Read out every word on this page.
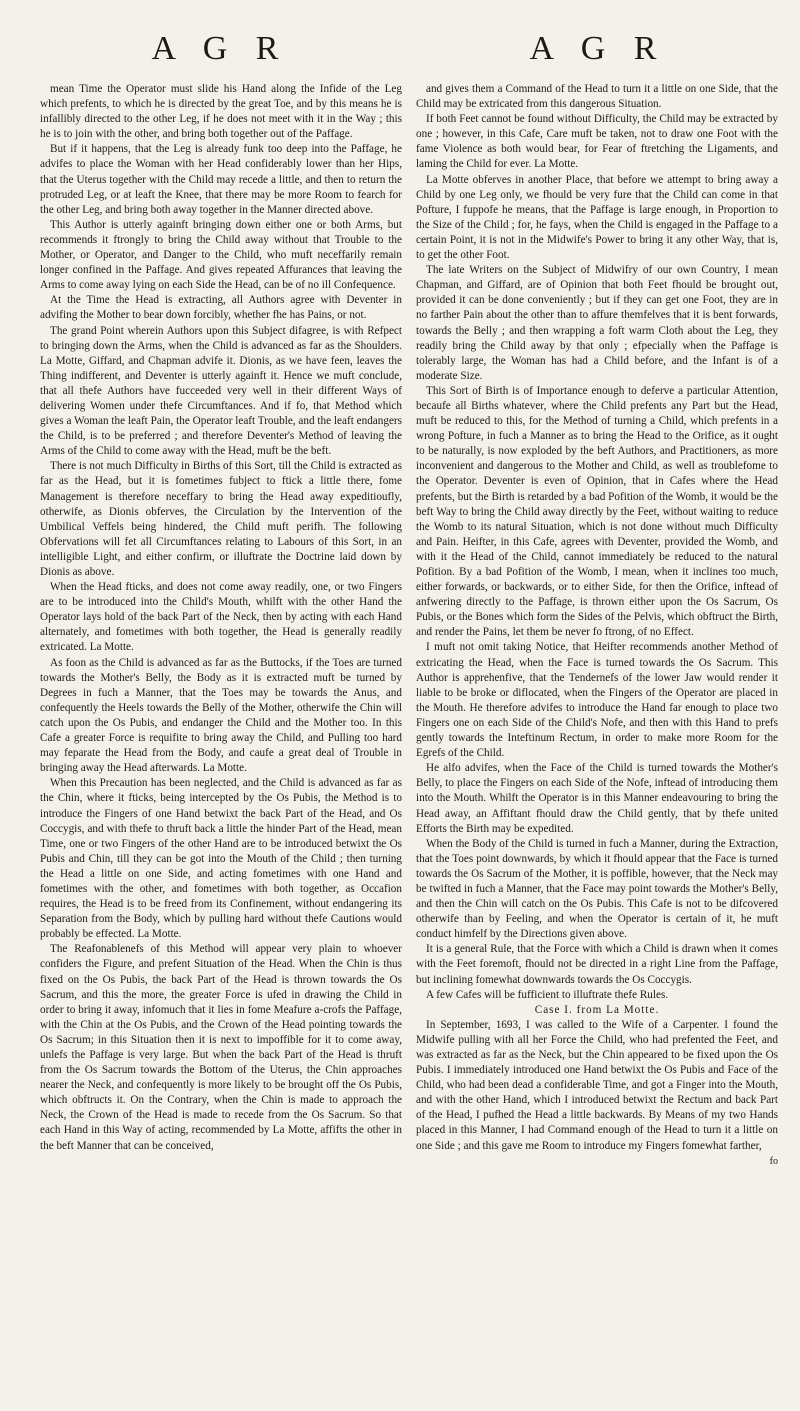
A G R	A G R

mean Time the Operator must slide his Hand along the Infide of the Leg which prefents, to which he is directed by the great Toe, and by this means he is infallibly directed to the other Leg, if he does not meet with it in the Way ; this he is to join with the other, and bring both together out of the Paffage.

But if it happens, that the Leg is already funk too deep into the Paffage, he advifes to place the Woman with her Head confiderably lower than her Hips, that the Uterus together with the Child may recede a little, and then to return the protruded Leg, or at leaft the Knee, that there may be more Room to fearch for the other Leg, and bring both away together in the Manner directed above.

This Author is utterly againft bringing down either one or both Arms, but recommends it ftrongly to bring the Child away without that Trouble to the Mother, or Operator, and Danger to the Child, who muft neceffarily remain longer confined in the Paffage. And gives repeated Affurances that leaving the Arms to come away lying on each Side the Head, can be of no ill Confequence.

At the Time the Head is extracting, all Authors agree with Deventer in advifing the Mother to bear down forcibly, whether fhe has Pains, or not.

The grand Point wherein Authors upon this Subject difagree, is with Refpect to bringing down the Arms, when the Child is advanced as far as the Shoulders. La Motte, Giffard, and Chapman advife it. Dionis, as we have feen, leaves the Thing indifferent, and Deventer is utterly againft it. Hence we muft conclude, that all thefe Authors have fucceeded very well in their different Ways of delivering Women under thefe Circumftances. And if fo, that Method which gives a Woman the leaft Pain, the Operator leaft Trouble, and the leaft endangers the Child, is to be preferred ; and therefore Deventer's Method of leaving the Arms of the Child to come away with the Head, muft be the beft.

There is not much Difficulty in Births of this Sort, till the Child is extracted as far as the Head, but it is fometimes fubject to ftick a little there, fome Management is therefore neceffary to bring the Head away expeditioufly, otherwife, as Dionis obferves, the Circulation by the Intervention of the Umbilical Veffels being hindered, the Child muft perifh. The following Obfervations will fet all Circumftances relating to Labours of this Sort, in an intelligible Light, and either confirm, or illuftrate the Doctrine laid down by Dionis as above.

When the Head fticks, and does not come away readily, one, or two Fingers are to be introduced into the Child's Mouth, whilft with the other Hand the Operator lays hold of the back Part of the Neck, then by acting with each Hand alternately, and fometimes with both together, the Head is generally readily extricated. La Motte.

As foon as the Child is advanced as far as the Buttocks, if the Toes are turned towards the Mother's Belly, the Body as it is extracted muft be turned by Degrees in fuch a Manner, that the Toes may be towards the Anus, and confequently the Heels towards the Belly of the Mother, otherwife the Chin will catch upon the Os Pubis, and endanger the Child and the Mother too. In this Cafe a greater Force is requifite to bring away the Child, and Pulling too hard may feparate the Head from the Body, and caufe a great deal of Trouble in bringing away the Head afterwards. La Motte.

When this Precaution has been neglected, and the Child is advanced as far as the Chin, where it fticks, being intercepted by the Os Pubis, the Method is to introduce the Fingers of one Hand betwixt the back Part of the Head, and Os Coccygis, and with thefe to thruft back a little the hinder Part of the Head, mean Time, one or two Fingers of the other Hand are to be introduced betwixt the Os Pubis and Chin, till they can be got into the Mouth of the Child ; then turning the Head a little on one Side, and acting fometimes with one Hand and fometimes with the other, and fometimes with both together, as Occafion requires, the Head is to be freed from its Confinement, without endangering its Separation from the Body, which by pulling hard without thefe Cautions would probably be effected. La Motte.

The Reafonablenefs of this Method will appear very plain to whoever confiders the Figure, and prefent Situation of the Head. When the Chin is thus fixed on the Os Pubis, the back Part of the Head is thrown towards the Os Sacrum, and this the more, the greater Force is ufed in drawing the Child in order to bring it away, infomuch that it lies in fome Meafure a-crofs the Paffage, with the Chin at the Os Pubis, and the Crown of the Head pointing towards the Os Sacrum; in this Situation then it is next to impoffible for it to come away, unlefs the Paffage is very large. But when the back Part of the Head is thruft from the Os Sacrum towards the Bottom of the Uterus, the Chin approaches nearer the Neck, and confequently is more likely to be brought off the Os Pubis, which obftructs it. On the Contrary, when the Chin is made to approach the Neck, the Crown of the Head is made to recede from the Os Sacrum. So that each Hand in this Way of acting, recommended by La Motte, affifts the other in the beft Manner that can be conceived,

and gives them a Command of the Head to turn it a little on one Side, that the Child may be extricated from this dangerous Situation.

If both Feet cannot be found without Difficulty, the Child may be extracted by one ; however, in this Cafe, Care muft be taken, not to draw one Foot with the fame Violence as both would bear, for Fear of ftretching the Ligaments, and laming the Child for ever. La Motte.

La Motte obferves in another Place, that before we attempt to bring away a Child by one Leg only, we fhould be very fure that the Child can come in that Pofture, I fuppofe he means, that the Paffage is large enough, in Proportion to the Size of the Child ; for, he fays, when the Child is engaged in the Paffage to a certain Point, it is not in the Midwife's Power to bring it any other Way, that is, to get the other Foot.

The late Writers on the Subject of Midwifry of our own Country, I mean Chapman, and Giffard, are of Opinion that both Feet fhould be brought out, provided it can be done conveniently ; but if they can get one Foot, they are in no farther Pain about the other than to affure themfelves that it is bent forwards, towards the Belly ; and then wrapping a foft warm Cloth about the Leg, they readily bring the Child away by that only ; efpecially when the Paffage is tolerably large, the Woman has had a Child before, and the Infant is of a moderate Size.

This Sort of Birth is of Importance enough to deferve a particular Attention, becaufe all Births whatever, where the Child prefents any Part but the Head, muft be reduced to this, for the Method of turning a Child, which prefents in a wrong Pofture, in fuch a Manner as to bring the Head to the Orifice, as it ought to be naturally, is now exploded by the beft Authors, and Practitioners, as more inconvenient and dangerous to the Mother and Child, as well as troublefome to the Operator. Deventer is even of Opinion, that in Cafes where the Head prefents, but the Birth is retarded by a bad Pofition of the Womb, it would be the beft Way to bring the Child away directly by the Feet, without waiting to reduce the Womb to its natural Situation, which is not done without much Difficulty and Pain. Heifter, in this Cafe, agrees with Deventer, provided the Womb, and with it the Head of the Child, cannot immediately be reduced to the natural Pofition. By a bad Pofition of the Womb, I mean, when it inclines too much, either forwards, or backwards, or to either Side, for then the Orifice, inftead of anfwering directly to the Paffage, is thrown either upon the Os Sacrum, Os Pubis, or the Bones which form the Sides of the Pelvis, which obftruct the Birth, and render the Pains, let them be never fo ftrong, of no Effect.

I muft not omit taking Notice, that Heifter recommends another Method of extricating the Head, when the Face is turned towards the Os Sacrum. This Author is apprehenfive, that the Tendernefs of the lower Jaw would render it liable to be broke or diflocated, when the Fingers of the Operator are placed in the Mouth. He therefore advifes to introduce the Hand far enough to place two Fingers one on each Side of the Child's Nofe, and then with this Hand to prefs gently towards the Inteftinum Rectum, in order to make more Room for the Egrefs of the Child.

He alfo advifes, when the Face of the Child is turned towards the Mother's Belly, to place the Fingers on each Side of the Nofe, inftead of introducing them into the Mouth. Whilft the Operator is in this Manner endeavouring to bring the Head away, an Affiftant fhould draw the Child gently, that by thefe united Efforts the Birth may be expedited.

When the Body of the Child is turned in fuch a Manner, during the Extraction, that the Toes point downwards, by which it fhould appear that the Face is turned towards the Os Sacrum of the Mother, it is poffible, however, that the Neck may be twifted in fuch a Manner, that the Face may point towards the Mother's Belly, and then the Chin will catch on the Os Pubis. This Cafe is not to be difcovered otherwife than by Feeling, and when the Operator is certain of it, he muft conduct himfelf by the Directions given above.

It is a general Rule, that the Force with which a Child is drawn when it comes with the Feet foremoft, fhould not be directed in a right Line from the Paffage, but inclining fomewhat downwards towards the Os Coccygis.

A few Cafes will be fufficient to illuftrate thefe Rules.

Case I. from La Motte.

In September, 1693, I was called to the Wife of a Carpenter. I found the Midwife pulling with all her Force the Child, who had prefented the Feet, and was extracted as far as the Neck, but the Chin appeared to be fixed upon the Os Pubis. I immediately introduced one Hand betwixt the Os Pubis and Face of the Child, who had been dead a confiderable Time, and got a Finger into the Mouth, and with the other Hand, which I introduced betwixt the Rectum and back Part of the Head, I pufhed the Head a little backwards. By Means of my two Hands placed in this Manner, I had Command enough of the Head to turn it a little on one Side ; and this gave me Room to introduce my Fingers fomewhat farther,

fo
